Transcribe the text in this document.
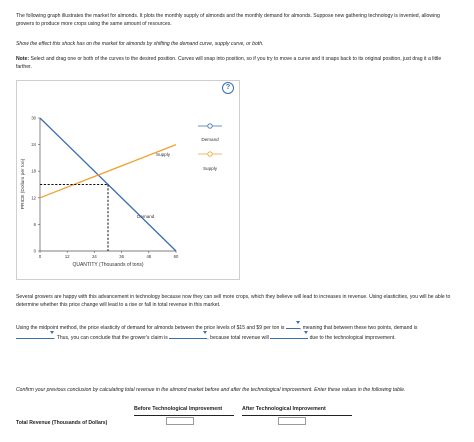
The following graph illustrates the market for almonds. It plots the monthly supply of almonds and the monthly demand for almonds. Suppose new gathering technology is invented, allowing growers to produce more crops using the same amount of resources.

Show the effect this shock has on the market for almonds by shifting the demand curve, supply curve, or both.

Note: Select and drag one or both of the curves to the desired position. Curves will snap into position, so if you try to move a curve and it snaps back to its original position, just drag it a little farther.

?
30
24
18
12
6
0
0	12	24	36	48	60
PRICE (Dollars per ton)
QUANTITY (Thousands of tons)
Supply
Demand
Demand
Supply

Several growers are happy with this advancement in technology because now they can sell more crops, which they believe will lead to increases in revenue. Using elasticities, you will be able to determine whether this price change will lead to a rise or fall in total revenue in this market.

Using the midpoint method, the price elasticity of demand for almonds between the price levels of $15 and $9 per ton is	, meaning that between these two points, demand is
. Thus, you can conclude that the grower's claim is	, because total revenue will	due to the technological improvement.

Confirm your previous conclusion by calculating total revenue in the almond market before and after the technological improvement. Enter these values in the following table.

Before Technological Improvement	After Technological Improvement
Total Revenue (Thousands of Dollars)
